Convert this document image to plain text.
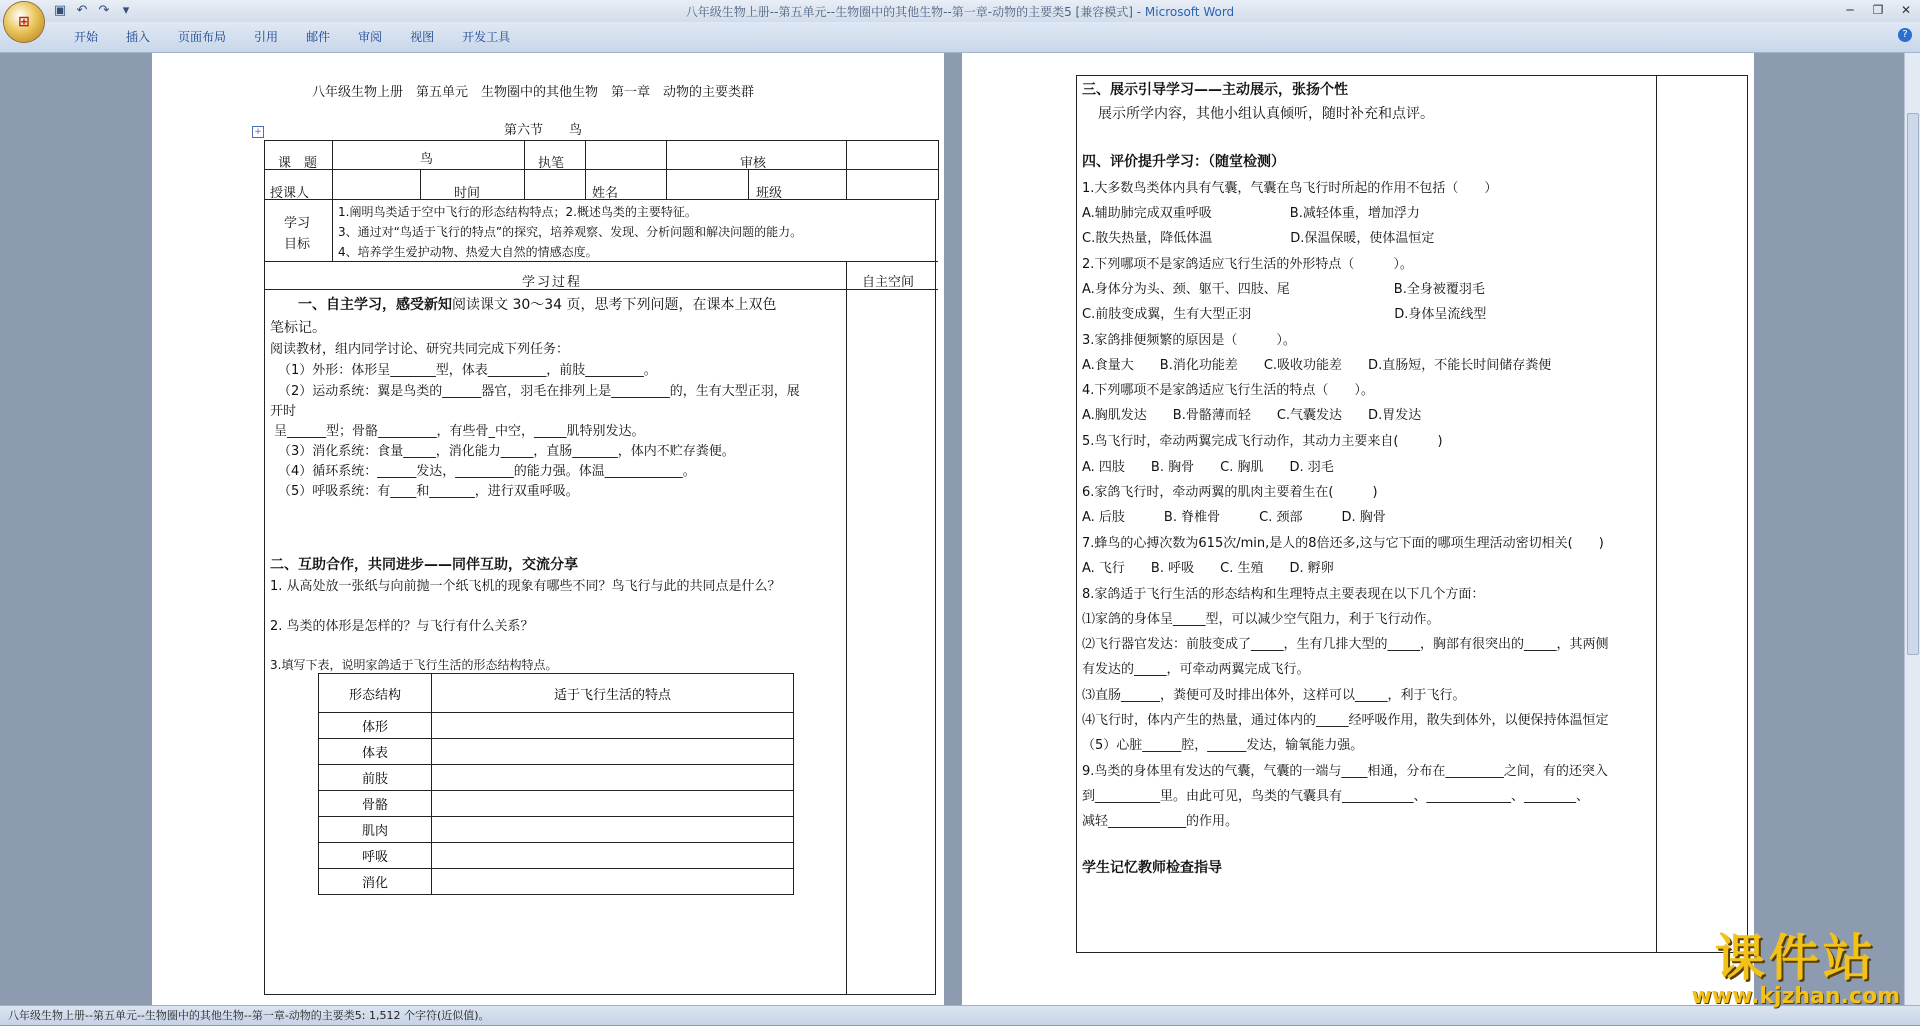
▣ ↶ ↷	▾	八年级生物上册--第五单元--生物圈中的其他生物--第一章-动物的主要类5 [兼容模式] - Microsoft Word	─	❐	✕
⊞
开始	插入	页面布局	引用	邮件	审阅	视图	开发工具	?
八年级生物上册　第五单元　生物圈中的其他生物　第一章　动物的主要类群
第六节　　鸟
+
课　题	鸟	执笔	审核
授课人	时间	姓名	班级
学习
目标
1.阐明鸟类适于空中飞行的形态结构特点；2.概述鸟类的主要特征。
3、通过对“鸟适于飞行的特点”的探究，培养观察、发现、分析问题和解决问题的能力。
4、培养学生爱护动物、热爱大自然的情感态度。
学习过程	自主空间
一、自主学习，感受新知阅读课文 30～34 页，思考下列问题，在课本上双色
笔标记。
阅读教材，组内同学讨论、研究共同完成下列任务：
（1）外形：体形呈_______型，体表_________，前肢_________。
（2）运动系统：翼是鸟类的______器官，羽毛在排列上是_________的，生有大型正羽，展
开时
呈______型；骨骼_________，有些骨_中空，_____肌特别发达。
（3）消化系统：食量_____，消化能力_____，直肠_______，体内不贮存粪便。
（4）循环系统：______发达，_________的能力强。体温____________。
（5）呼吸系统：有____和_______，进行双重呼吸。
二、互助合作，共同进步——同伴互助，交流分享
1. 从高处放一张纸与向前抛一个纸飞机的现象有哪些不同？鸟飞行与此的共同点是什么？
2. 鸟类的体形是怎样的？与飞行有什么关系？
3.填写下表，说明家鸽适于飞行生活的形态结构特点。
形态结构	适于飞行生活的特点
体形	
体表	
前肢	
骨骼	
肌肉	
呼吸	
消化	
三、展示引导学习——主动展示，张扬个性
展示所学内容，其他小组认真倾听，随时补充和点评。
四、评价提升学习：（随堂检测）
1.大多数鸟类体内具有气囊，气囊在鸟飞行时所起的作用不包括（　　）
A.辅助肺完成双重呼吸　　　　　　B.减轻体重，增加浮力
C.散失热量，降低体温　　　　　　D.保温保暖，使体温恒定
2.下列哪项不是家鸽适应飞行生活的外形特点（　　　）。
A.身体分为头、颈、躯干、四肢、尾　　　　　　　　B.全身被覆羽毛
C.前肢变成翼，生有大型正羽　　　　　　　　　　　D.身体呈流线型
3.家鸽排便频繁的原因是（　　　）。
A.食量大　　B.消化功能差　　C.吸收功能差　　D.直肠短，不能长时间储存粪便
4.下列哪项不是家鸽适应飞行生活的特点（　　）。
A.胸肌发达　　B.骨骼薄而轻　　C.气囊发达　　D.胃发达
5.鸟飞行时，牵动两翼完成飞行动作，其动力主要来自(　　　)
A. 四肢　　B. 胸骨　　C. 胸肌　　D. 羽毛
6.家鸽飞行时，牵动两翼的肌肉主要着生在(　　　)
A. 后肢　　　B. 脊椎骨　　　C. 颈部　　　D. 胸骨
7.蜂鸟的心搏次数为615次/min,是人的8倍还多,这与它下面的哪项生理活动密切相关(　　)
A. 飞行　　B. 呼吸　　C. 生殖　　D. 孵卵
8.家鸽适于飞行生活的形态结构和生理特点主要表现在以下几个方面：
⑴家鸽的身体呈_____型，可以减少空气阻力，利于飞行动作。
⑵飞行器官发达：前肢变成了_____，生有几排大型的_____，胸部有很突出的_____，其两侧
有发达的_____，可牵动两翼完成飞行。
⑶直肠______，粪便可及时排出体外，这样可以_____，利于飞行。
⑷飞行时，体内产生的热量，通过体内的_____经呼吸作用，散失到体外，以便保持体温恒定
（5）心脏______腔，______发达，输氧能力强。
9.鸟类的身体里有发达的气囊，气囊的一端与____相通，分布在_________之间，有的还突入
到__________里。由此可见，鸟类的气囊具有___________、_____________、________、
减轻____________的作用。
学生记忆教师检查指导
八年级生物上册--第五单元--生物圈中的其他生物--第一章-动物的主要类5: 1,512 个字符(近似值)。
课件站
www.kjzhan.com
